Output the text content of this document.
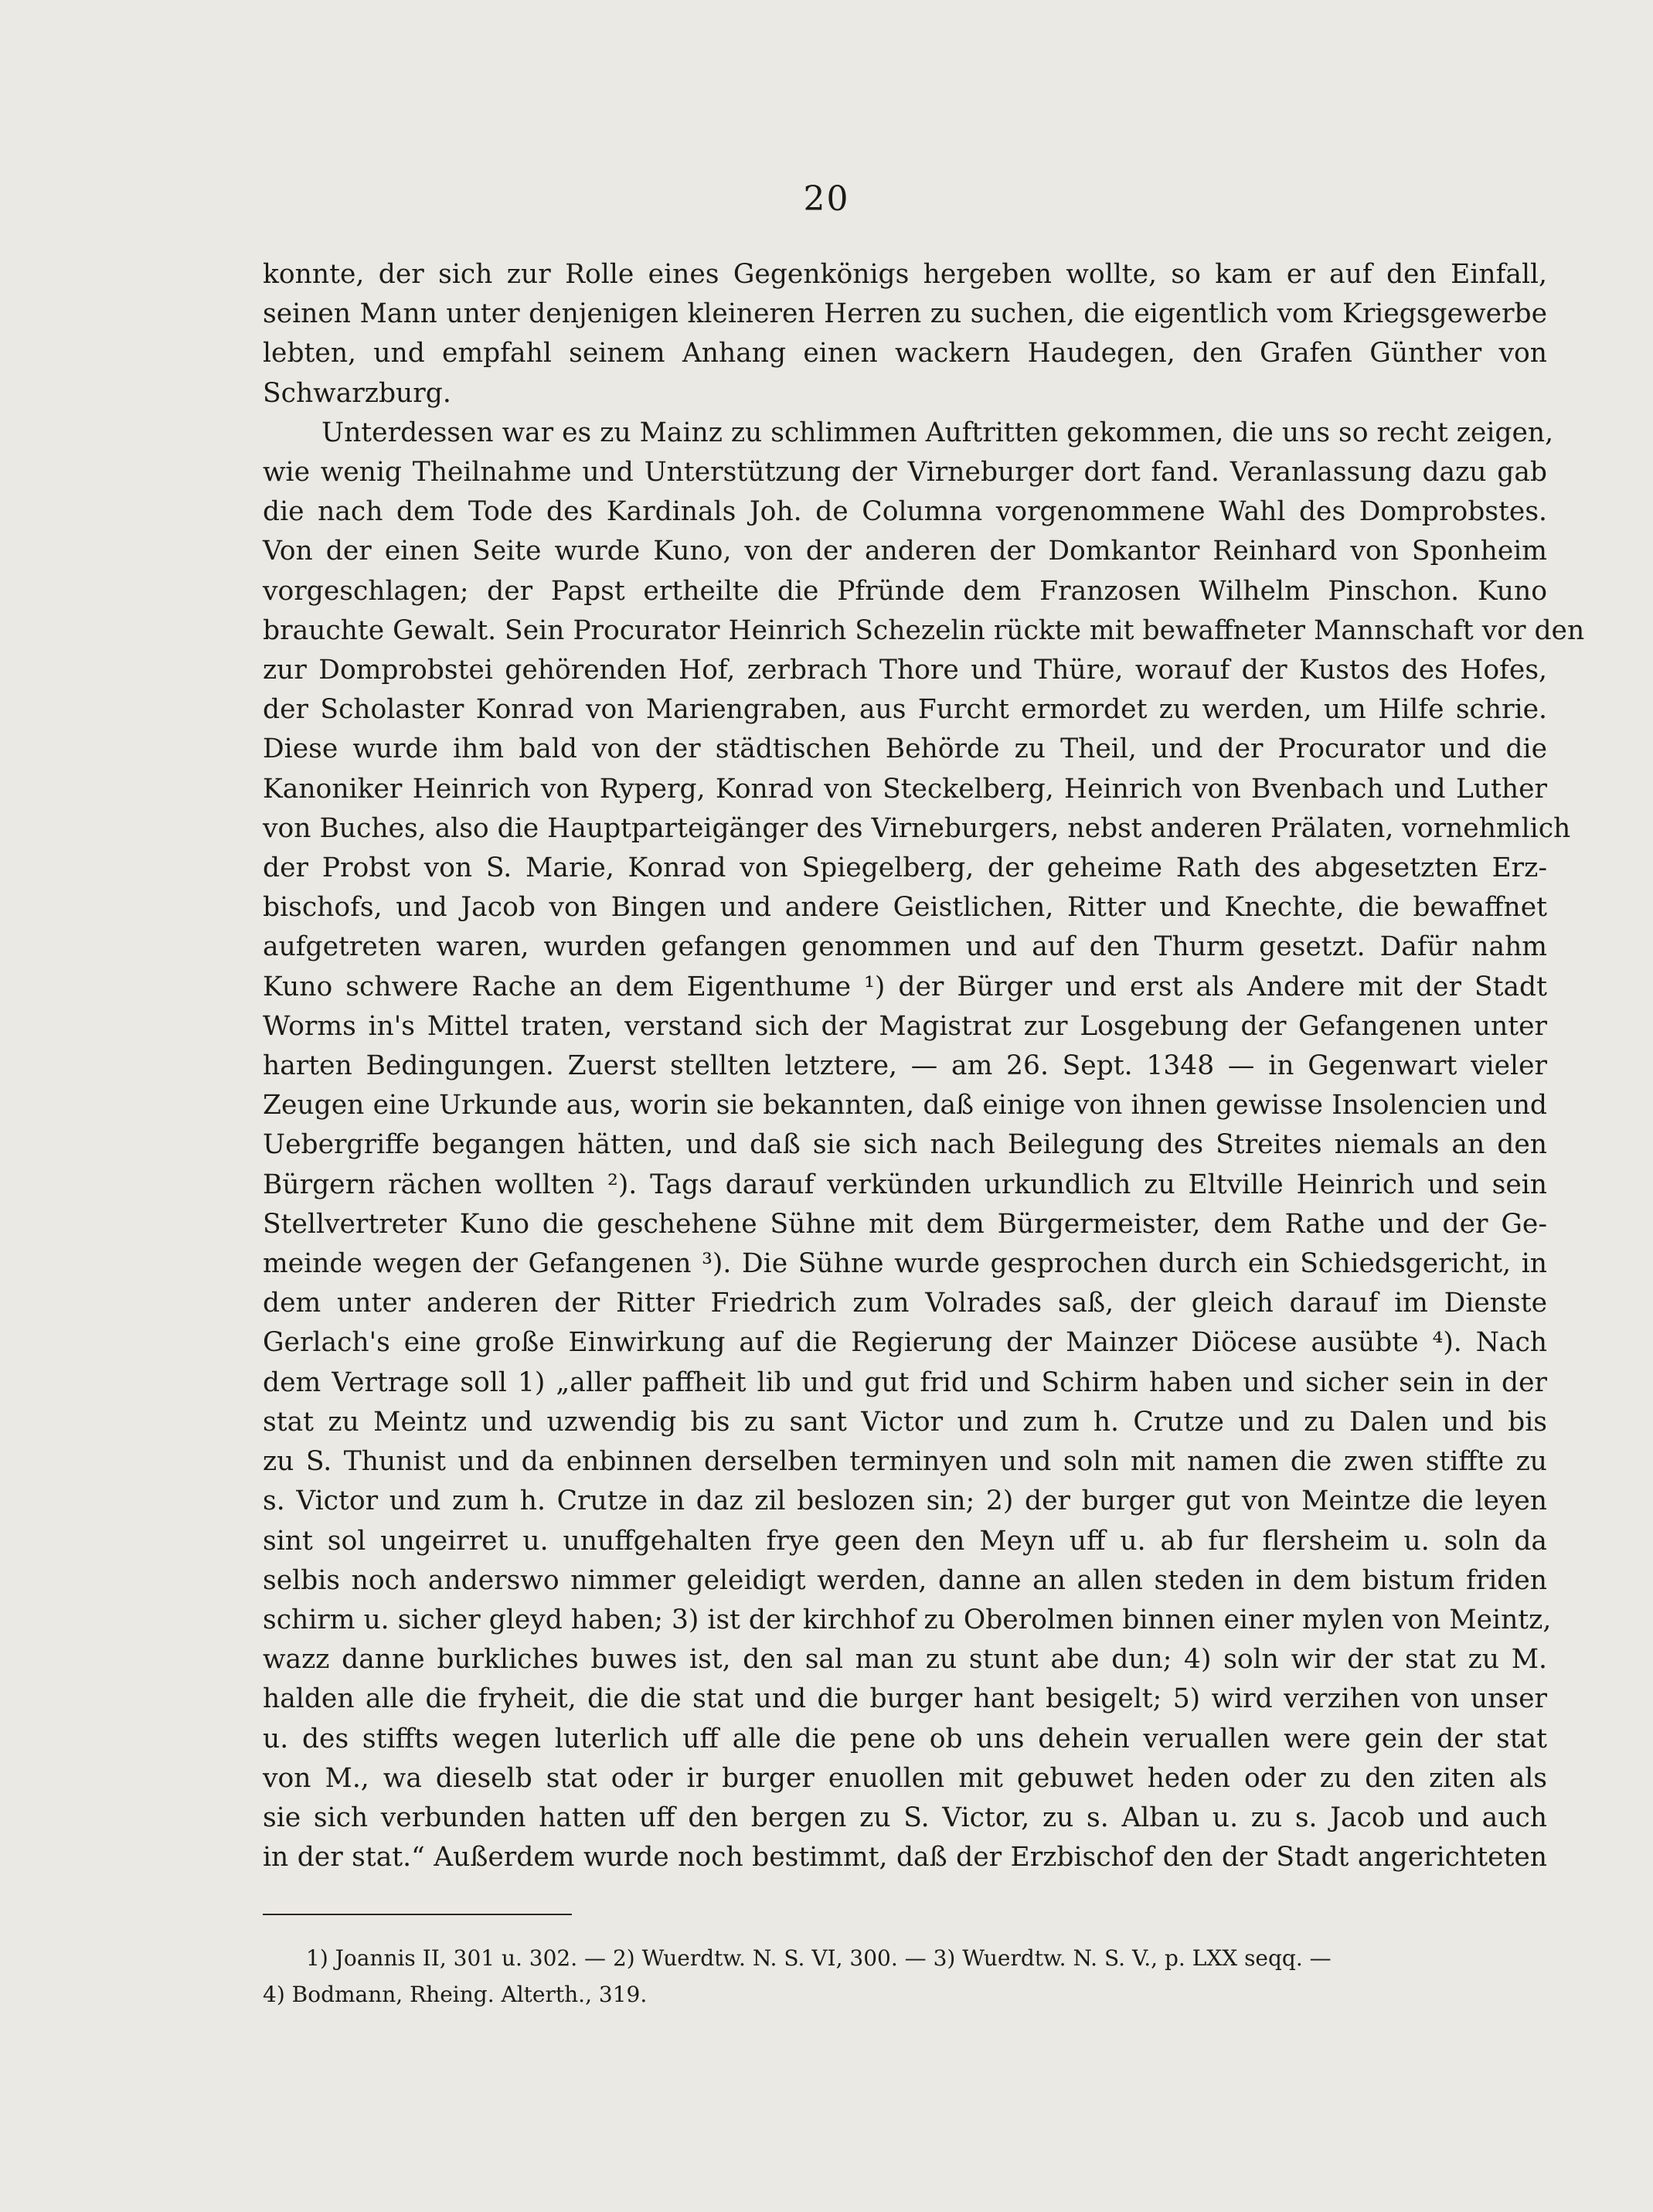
20
konnte, der sich zur Rolle eines Gegenkönigs hergeben wollte, so kam er auf den Einfall,
seinen Mann unter denjenigen kleineren Herren zu suchen, die eigentlich vom Kriegsgewerbe
lebten, und empfahl seinem Anhang einen wackern Haudegen, den Grafen Günther von
Schwarzburg.
Unterdessen war es zu Mainz zu schlimmen Auftritten gekommen, die uns so recht zeigen,
wie wenig Theilnahme und Unterstützung der Virneburger dort fand. Veranlassung dazu gab
die nach dem Tode des Kardinals Joh. de Columna vorgenommene Wahl des Domprobstes.
Von der einen Seite wurde Kuno, von der anderen der Domkantor Reinhard von Sponheim
vorgeschlagen; der Papst ertheilte die Pfründe dem Franzosen Wilhelm Pinschon. Kuno
brauchte Gewalt. Sein Procurator Heinrich Schezelin rückte mit bewaffneter Mannschaft vor den
zur Domprobstei gehörenden Hof, zerbrach Thore und Thüre, worauf der Kustos des Hofes,
der Scholaster Konrad von Mariengraben, aus Furcht ermordet zu werden, um Hilfe schrie.
Diese wurde ihm bald von der städtischen Behörde zu Theil, und der Procurator und die
Kanoniker Heinrich von Ryperg, Konrad von Steckelberg, Heinrich von Bvenbach und Luther
von Buches, also die Hauptparteigänger des Virneburgers, nebst anderen Prälaten, vornehmlich
der Probst von S. Marie, Konrad von Spiegelberg, der geheime Rath des abgesetzten Erz-
bischofs, und Jacob von Bingen und andere Geistlichen, Ritter und Knechte, die bewaffnet
aufgetreten waren, wurden gefangen genommen und auf den Thurm gesetzt. Dafür nahm
Kuno schwere Rache an dem Eigenthume ¹) der Bürger und erst als Andere mit der Stadt
Worms in's Mittel traten, verstand sich der Magistrat zur Losgebung der Gefangenen unter
harten Bedingungen. Zuerst stellten letztere, — am 26. Sept. 1348 — in Gegenwart vieler
Zeugen eine Urkunde aus, worin sie bekannten, daß einige von ihnen gewisse Insolencien und
Uebergriffe begangen hätten, und daß sie sich nach Beilegung des Streites niemals an den
Bürgern rächen wollten ²). Tags darauf verkünden urkundlich zu Eltville Heinrich und sein
Stellvertreter Kuno die geschehene Sühne mit dem Bürgermeister, dem Rathe und der Ge-
meinde wegen der Gefangenen ³). Die Sühne wurde gesprochen durch ein Schiedsgericht, in
dem unter anderen der Ritter Friedrich zum Volrades saß, der gleich darauf im Dienste
Gerlach's eine große Einwirkung auf die Regierung der Mainzer Diöcese ausübte ⁴). Nach
dem Vertrage soll 1) „aller paffheit lib und gut frid und Schirm haben und sicher sein in der
stat zu Meintz und uzwendig bis zu sant Victor und zum h. Crutze und zu Dalen und bis
zu S. Thunist und da enbinnen derselben terminyen und soln mit namen die zwen stiffte zu
s. Victor und zum h. Crutze in daz zil beslozen sin; 2) der burger gut von Meintze die leyen
sint sol ungeirret u. unuffgehalten frye geen den Meyn uff u. ab fur flersheim u. soln da
selbis noch anderswo nimmer geleidigt werden, danne an allen steden in dem bistum friden
schirm u. sicher gleyd haben; 3) ist der kirchhof zu Oberolmen binnen einer mylen von Meintz,
wazz danne burkliches buwes ist, den sal man zu stunt abe dun; 4) soln wir der stat zu M.
halden alle die fryheit, die die stat und die burger hant besigelt; 5) wird verzihen von unser
u. des stiffts wegen luterlich uff alle die pene ob uns dehein veruallen were gein der stat
von M., wa dieselb stat oder ir burger enuollen mit gebuwet heden oder zu den ziten als
sie sich verbunden hatten uff den bergen zu S. Victor, zu s. Alban u. zu s. Jacob und auch
in der stat.“ Außerdem wurde noch bestimmt, daß der Erzbischof den der Stadt angerichteten
1) Joannis II, 301 u. 302. — 2) Wuerdtw. N. S. VI, 300. — 3) Wuerdtw. N. S. V., p. LXX seqq. —
4) Bodmann, Rheing. Alterth., 319.
